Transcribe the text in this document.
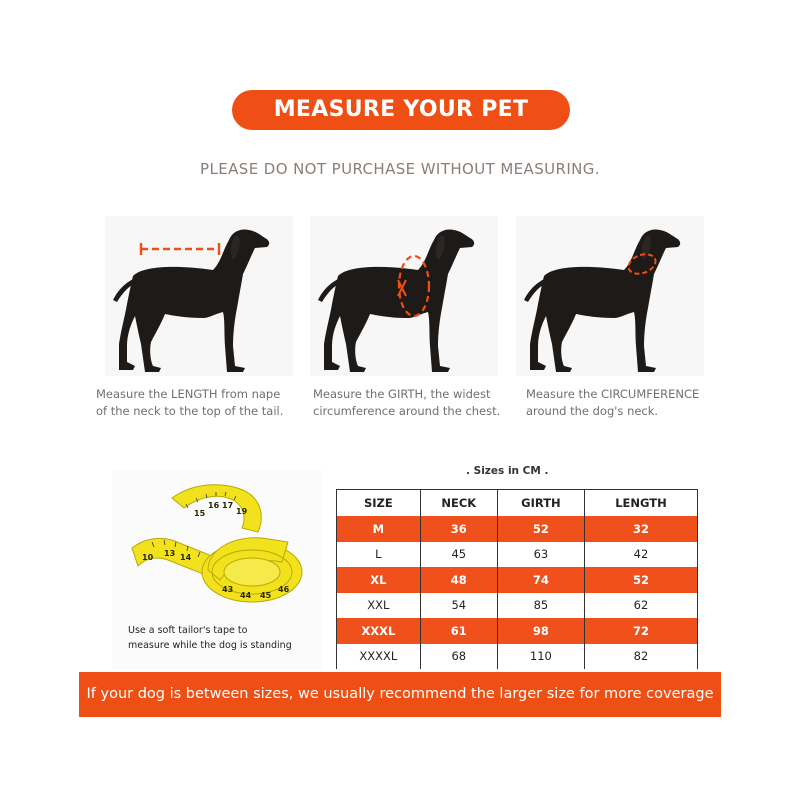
MEASURE YOUR PET
PLEASE DO NOT PURCHASE WITHOUT MEASURING.
Measure the LENGTH from nape
of the neck to the top of the tail.
Measure the GIRTH, the widest
circumference around the chest.
Measure the CIRCUMFERENCE
around the dog's neck.
10 13 14
15
16 17
19
43
44 45
46
Use a soft tailor's tape to
measure while the dog is standing
. Sizes in CM .
SIZE	NECK	GIRTH	LENGTH
M	36	52	32
L	45	63	42
XL	48	74	52
XXL	54	85	62
XXXL	61	98	72
XXXXL	68	110	82
If your dog is between sizes, we usually recommend the larger size for more coverage
